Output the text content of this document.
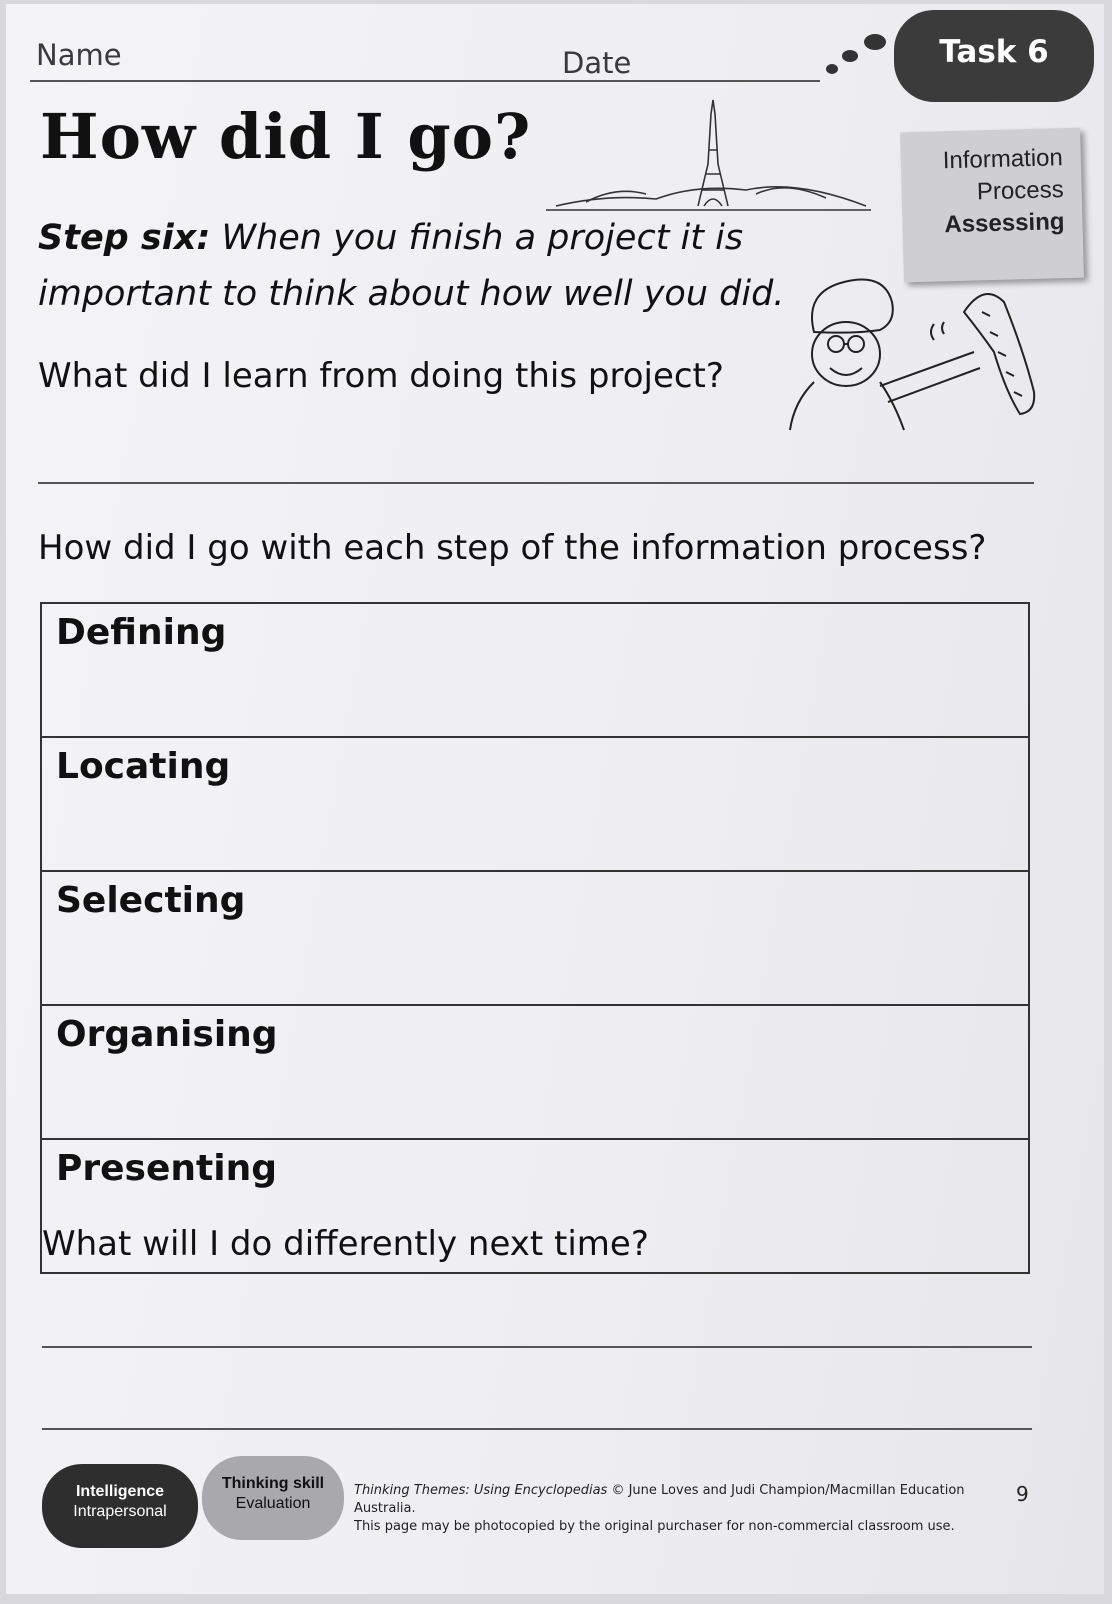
Name	Date	Task 6
How did I go?	Information
Process
Assessing
Step six: When you finish a project it is important to think about how well you did.
What did I learn from doing this project?
How did I go with each step of the information process?
Defining
Locating
Selecting
Organising
Presenting
What will I do differently next time?
Intelligence
Intrapersonal
Thinking skill
Evaluation
Thinking Themes: Using Encyclopedias © June Loves and Judi Champion/Macmillan Education Australia.
This page may be photocopied by the original purchaser for non-commercial classroom use.
9
